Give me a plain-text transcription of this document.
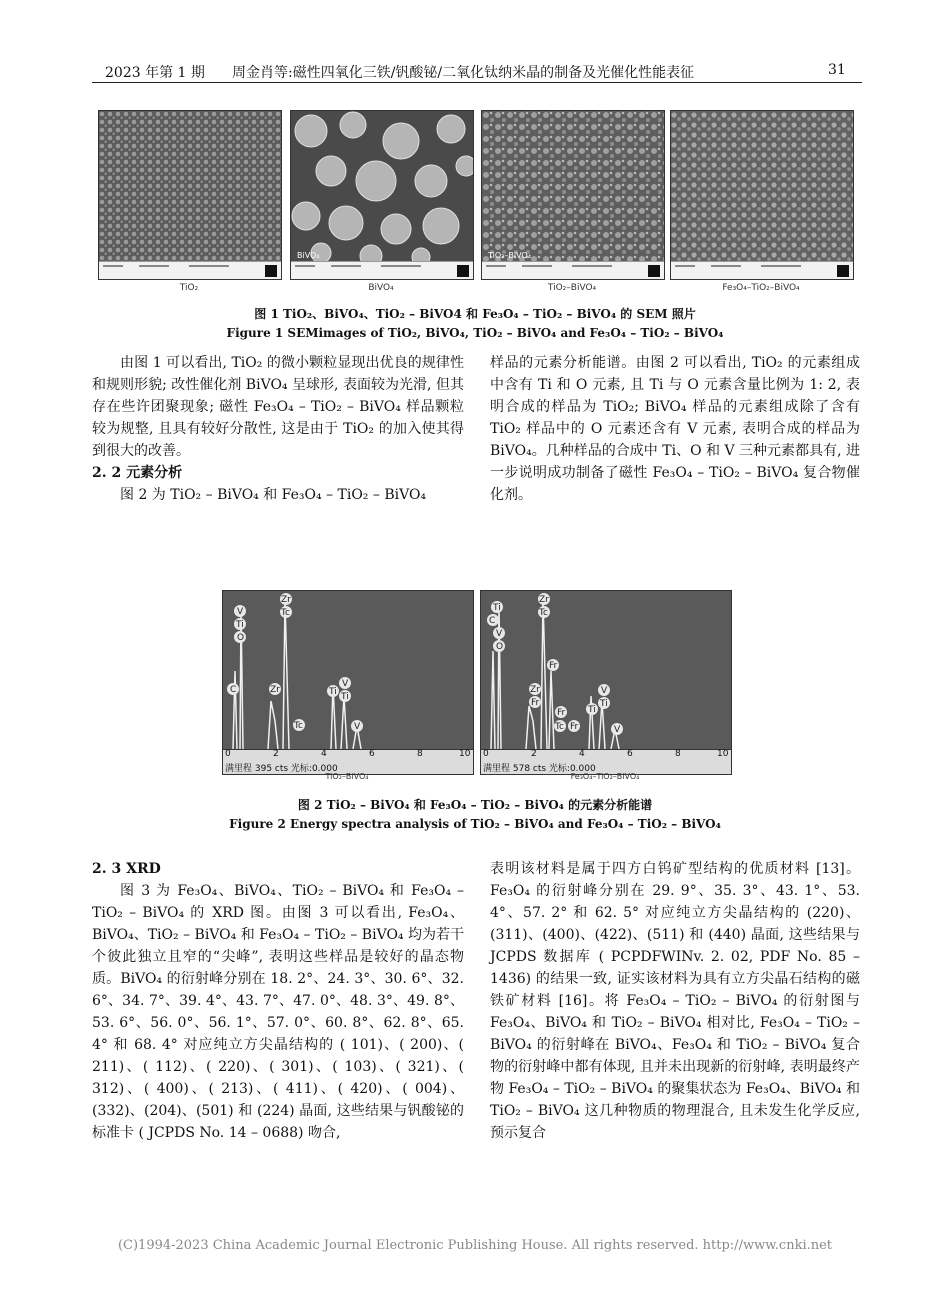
2023 年第 1 期 周金肖等:磁性四氧化三铁/钒酸铋/二氧化钛纳米晶的制备及光催化性能表征	31
BiVO₄	TiO₂–BiVO₄
TiO₂	BiVO₄	TiO₂–BiVO₄	Fe₃O₄–TiO₂–BiVO₄
图 1 TiO₂、BiVO₄、TiO₂ – BiVO4 和 Fe₃O₄ – TiO₂ – BiVO₄ 的 SEM 照片
Figure 1 SEMimages of TiO₂, BiVO₄, TiO₂ – BiVO₄ and Fe₃O₄ – TiO₂ – BiVO₄

由图 1 可以看出, TiO₂ 的微小颗粒显现出优良的规律性和规则形貌; 改性催化剂 BiVO₄ 呈球形, 表面较为光滑, 但其存在些许团聚现象; 磁性 Fe₃O₄ – TiO₂ – BiVO₄ 样品颗粒较为规整, 且具有较好分散性, 这是由于 TiO₂ 的加入使其得到很大的改善。

2. 2 元素分析

图 2 为 TiO₂ – BiVO₄ 和 Fe₃O₄ – TiO₂ – BiVO₄

样品的元素分析能谱。由图 2 可以看出, TiO₂ 的元素组成中含有 Ti 和 O 元素, 且 Ti 与 O 元素含量比例为 1: 2, 表明合成的样品为 TiO₂; BiVO₄ 样品的元素组成除了含有 TiO₂ 样品中的 O 元素还含有 V 元素, 表明合成的样品为 BiVO₄。几种样品的合成中 Ti、O 和 V 三种元素都具有, 进一步说明成功制备了磁性 Fe₃O₄ – TiO₂ – BiVO₄ 复合物催化剂。

V
Ti
O
C
Zr
Tc
Zr
Tc
Ti
V
Ti
V
0	2	4	6	8	10
满里程 395 cts 光标:0.000
TiO₂–BiVO₄
Ti
C
V
O
Zr
Tc
Fr
Zr
Fr
Fr
Tc Fr
Ti
V
Ti
V
0	2	4	6	8	10
满里程 578 cts 光标:0.000
Fe₃O₄–TiO₂–BiVO₄
图 2 TiO₂ – BiVO₄ 和 Fe₃O₄ – TiO₂ – BiVO₄ 的元素分析能谱
Figure 2 Energy spectra analysis of TiO₂ – BiVO₄ and Fe₃O₄ – TiO₂ – BiVO₄

2. 3 XRD

图 3 为 Fe₃O₄、BiVO₄、TiO₂ – BiVO₄ 和 Fe₃O₄ – TiO₂ – BiVO₄ 的 XRD 图。由图 3 可以看出, Fe₃O₄、BiVO₄、TiO₂ – BiVO₄ 和 Fe₃O₄ – TiO₂ – BiVO₄ 均为若干个彼此独立且窄的“尖峰”, 表明这些样品是较好的晶态物质。BiVO₄ 的衍射峰分别在 18. 2°、24. 3°、30. 6°、32. 6°、34. 7°、39. 4°、43. 7°、47. 0°、48. 3°、49. 8°、53. 6°、56. 0°、56. 1°、57. 0°、60. 8°、62. 8°、65. 4° 和 68. 4° 对应纯立方尖晶结构的 ( 101)、( 200)、( 211)、( 112)、( 220)、( 301)、( 103)、( 321)、( 312)、( 400)、( 213)、( 411)、( 420)、( 004)、(332)、(204)、(501) 和 (224) 晶面, 这些结果与钒酸铋的标准卡 ( JCPDS No. 14 – 0688) 吻合,

表明该材料是属于四方白钨矿型结构的优质材料 [13]。Fe₃O₄ 的衍射峰分别在 29. 9°、35. 3°、43. 1°、53. 4°、57. 2° 和 62. 5° 对应纯立方尖晶结构的 (220)、(311)、(400)、(422)、(511) 和 (440) 晶面, 这些结果与 JCPDS 数据库 ( PCPDFWINv. 2. 02, PDF No. 85 – 1436) 的结果一致, 证实该材料为具有立方尖晶石结构的磁铁矿材料 [16]。将 Fe₃O₄ – TiO₂ – BiVO₄ 的衍射图与 Fe₃O₄、BiVO₄ 和 TiO₂ – BiVO₄ 相对比, Fe₃O₄ – TiO₂ – BiVO₄ 的衍射峰在 BiVO₄、Fe₃O₄ 和 TiO₂ – BiVO₄ 复合物的衍射峰中都有体现, 且并未出现新的衍射峰, 表明最终产物 Fe₃O₄ – TiO₂ – BiVO₄ 的聚集状态为 Fe₃O₄、BiVO₄ 和 TiO₂ – BiVO₄ 这几种物质的物理混合, 且未发生化学反应, 预示复合

(C)1994-2023 China Academic Journal Electronic Publishing House. All rights reserved. http://www.cnki.net
